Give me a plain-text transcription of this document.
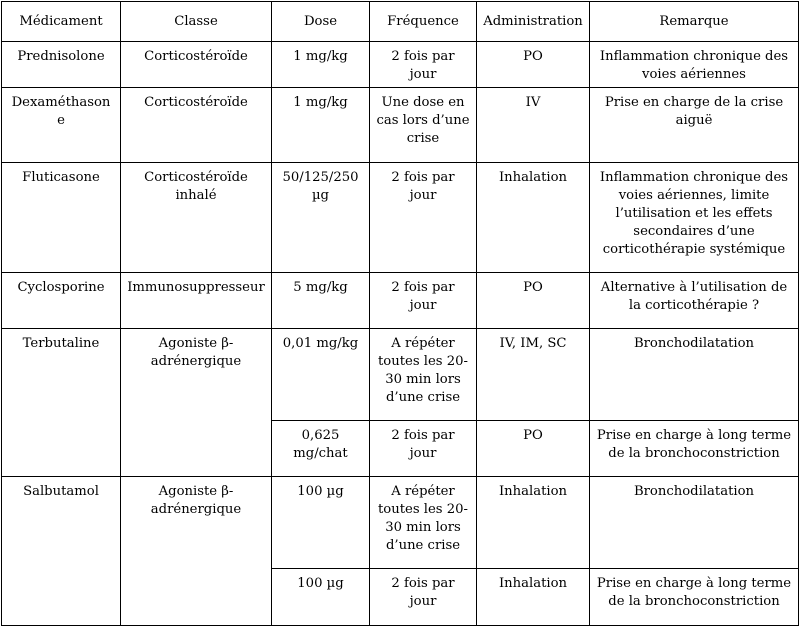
Médicament	Classe	Dose	Fréquence	Administration	Remarque
Prednisolone	Corticostéroïde	1 mg/kg	2 fois par jour	PO	Inflammation chronique des voies aériennes
Dexaméthasone	Corticostéroïde	1 mg/kg	Une dose en cas lors d’une crise	IV	Prise en charge de la crise aiguë
Fluticasone	Corticostéroïde inhalé	50/125/250 µg	2 fois par jour	Inhalation	Inflammation chronique des voies aériennes, limite l’utilisation et les effets secondaires d’une corticothérapie systémique
Cyclosporine	Immunosuppresseur	5 mg/kg	2 fois par jour	PO	Alternative à l’utilisation de la corticothérapie ?
Terbutaline	Agoniste β-adrénergique	0,01 mg/kg	A répéter toutes les 20-30 min lors d’une crise	IV, IM, SC	Bronchodilatation
		0,625 mg/chat	2 fois par jour	PO	Prise en charge à long terme de la bronchoconstriction
Salbutamol	Agoniste β-adrénergique	100 µg	A répéter toutes les 20-30 min lors d’une crise	Inhalation	Bronchodilatation
		100 µg	2 fois par jour	Inhalation	Prise en charge à long terme de la bronchoconstriction
